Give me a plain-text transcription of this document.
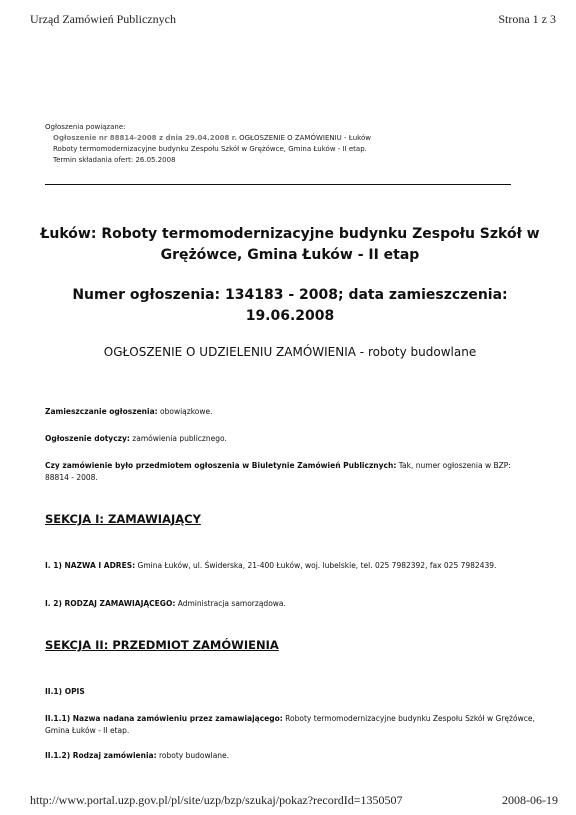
Urząd Zamówień Publicznych	Strona 1 z 3
Ogłoszenia powiązane:
Ogłoszenie nr 88814-2008 z dnia 29.04.2008 r. OGŁOSZENIE O ZAMÓWIENIU - Łuków
Roboty termomodernizacyjne budynku Zespołu Szkół w Grężówce, Gmina Łuków - II etap.
Termin składania ofert: 26.05.2008
Łuków: Roboty termomodernizacyjne budynku Zespołu Szkół w
Grężówce, Gmina Łuków - II etap
Numer ogłoszenia: 134183 - 2008; data zamieszczenia:
19.06.2008
OGŁOSZENIE O UDZIELENIU ZAMÓWIENIA - roboty budowlane
Zamieszczanie ogłoszenia: obowiązkowe.
Ogłoszenie dotyczy: zamówienia publicznego.
Czy zamówienie było przedmiotem ogłoszenia w Biuletynie Zamówień Publicznych: Tak, numer ogłoszenia w BZP: 88814 - 2008.
SEKCJA I: ZAMAWIAJĄCY
I. 1) NAZWA I ADRES: Gmina Łuków, ul. Świderska, 21-400 Łuków, woj. lubelskie, tel. 025 7982392, fax 025 7982439.
I. 2) RODZAJ ZAMAWIAJĄCEGO: Administracja samorządowa.
SEKCJA II: PRZEDMIOT ZAMÓWIENIA
II.1) OPIS
II.1.1) Nazwa nadana zamówieniu przez zamawiającego: Roboty termomodernizacyjne budynku Zespołu Szkół w Grężówce, Gmina Łuków - II etap.
II.1.2) Rodzaj zamówienia: roboty budowlane.
http://www.portal.uzp.gov.pl/pl/site/uzp/bzp/szukaj/pokaz?recordId=1350507	2008-06-19
